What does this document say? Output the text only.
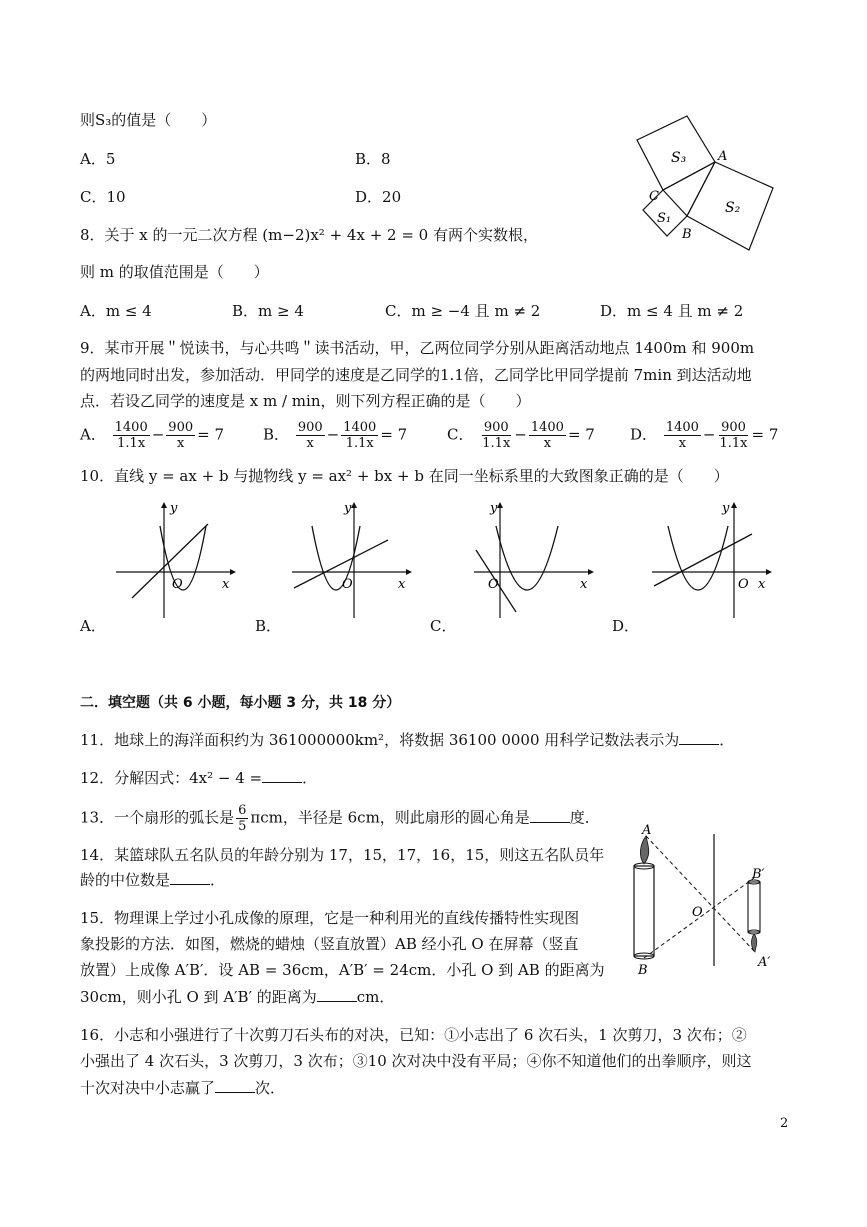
则S₃的值是（　　）
A．5	B．8
C．10	D．20
S₃
S₁
S₂
A
B
C
8．关于 x 的一元二次方程 (m−2)x² + 4x + 2 = 0 有两个实数根，
则 m 的取值范围是（　　）
A．m ≤ 4	B．m ≥ 4	C．m ≥ −4 且 m ≠ 2	D．m ≤ 4 且 m ≠ 2
9．某市开展＂悦读书，与心共鸣＂读书活动，甲，乙两位同学分别从距离活动地点 1400m 和 900m
的两地同时出发，参加活动．甲同学的速度是乙同学的1.1倍，乙同学比甲同学提前 7min 到达活动地
点．若设乙同学的速度是 x m / min，则下列方程正确的是（　　）
A． $\frac{1400}{1.1x} - \frac{900}{x} = 7$	B． $\frac{900}{x} - \frac{1400}{1.1x} = 7$	C． $\frac{900}{1.1x} - \frac{1400}{x} = 7$ D． $\frac{1400}{x} - \frac{900}{1.1x} = 7$
10．直线 y = ax + b 与抛物线 y = ax² + bx + b 在同一坐标系里的大致图象正确的是（　　）
y
x
O
A．
y
x
O
B．
y
x
O
C．
y
x
O
D．
二．填空题（共 6 小题，每小题 3 分，共 18 分）
11．地球上的海洋面积约为 361000000km²，将数据 36100 0000 用科学记数法表示为	．
12．分解因式：4x² − 4 =	．
13．一个扇形的弧长是 $\frac{6}{5}$ πcm，半径是 6cm，则此扇形的圆心角是	度．
14．某篮球队五名队员的年龄分别为 17，15，17，16，15，则这五名队员年
龄的中位数是	．
15．物理课上学过小孔成像的原理，它是一种利用光的直线传播特性实现图
象投影的方法．如图，燃烧的蜡烛（竖直放置）AB 经小孔 O 在屏幕（竖直
放置）上成像 A′B′．设 AB = 36cm，A′B′ = 24cm．小孔 O 到 AB 的距离为
30cm，则小孔 O 到 A′B′ 的距离为	cm．
A
B
O
B′
A′
16．小志和小强进行了十次剪刀石头布的对决，已知：①小志出了 6 次石头，1 次剪刀，3 次布；②
小强出了 4 次石头，3 次剪刀，3 次布；③10 次对决中没有平局；④你不知道他们的出拳顺序，则这
十次对决中小志赢了	次．
2
